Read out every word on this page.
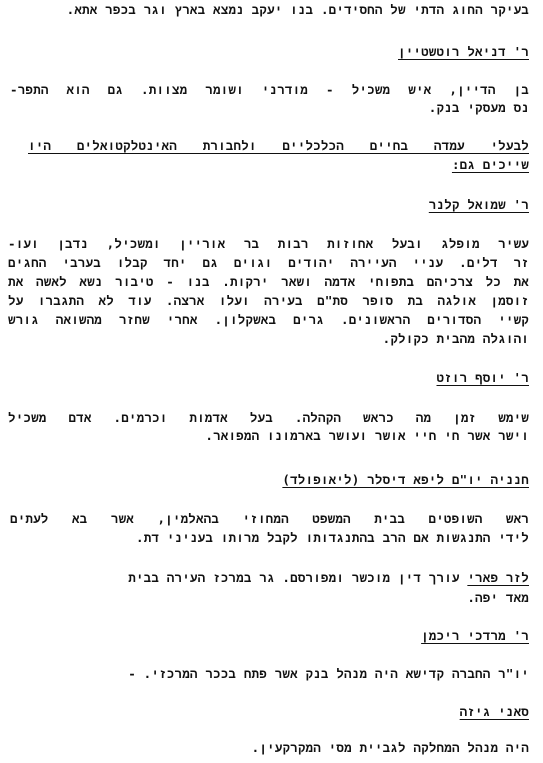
בעיקר החוג הדתי של החסידים. בנו יעקב נמצא בארץ וגר בכפר אתא.
ר' דניאל רוטשטיין
בן הדיין, איש משכיל - מודרני ושומר מצוות. גם הוא התפר-
נס מעסקי בנק.
לבעלי עמדה בחיים הכלכליים ולחבורת האינטלקטואלים היו
שייכים גם:
ר' שמואל קלנר
עשיר מופלג ובעל אחוזות רבות בר אוריין ומשכיל, נדבן ועו-
זר דלים. עניי העיירה יהודים וגוים גם יחד קבלו בערבי החגים
את כל צרכיהם בתפוחי אדמה ושאר ירקות. בנו - טיבור נשא לאשה את
זוסמן אולגה בת סופר סת"ם בעירה ועלו ארצה. עוד לא התגברו על
קשיי הסדורים הראשונים. גרים באשקלון. אחרי שחזר מהשואה גורש
והוגלה מהבית כקולק.
ר' יוסף רוזט
שימש זמן מה כראש הקהלה. בעל אדמות וכרמים. אדם משכיל
וישר אשר חי חיי אושר ועושר בארמונו המפואר.
חנניה יו"ם ליפא דיסלר (ליאופולד)
ראש השופטים בבית המשפט המחוזי בהאלמין, אשר בא לעתים
לידי התנגשות אם הרב בהתנגדותו לקבל מרותו בעניני דת.
לזר פארי עורך דין מוכשר ומפורסם. גר במרכז העירה בבית
מאד יפה.
ר' מרדכי ריכמן
יו"ר החברה קדישא היה מנהל בנק אשר פתח בככר המרכזי. -
סאני גיזה
היה מנהל המחלקה לגביית מסי המקרקעין.
